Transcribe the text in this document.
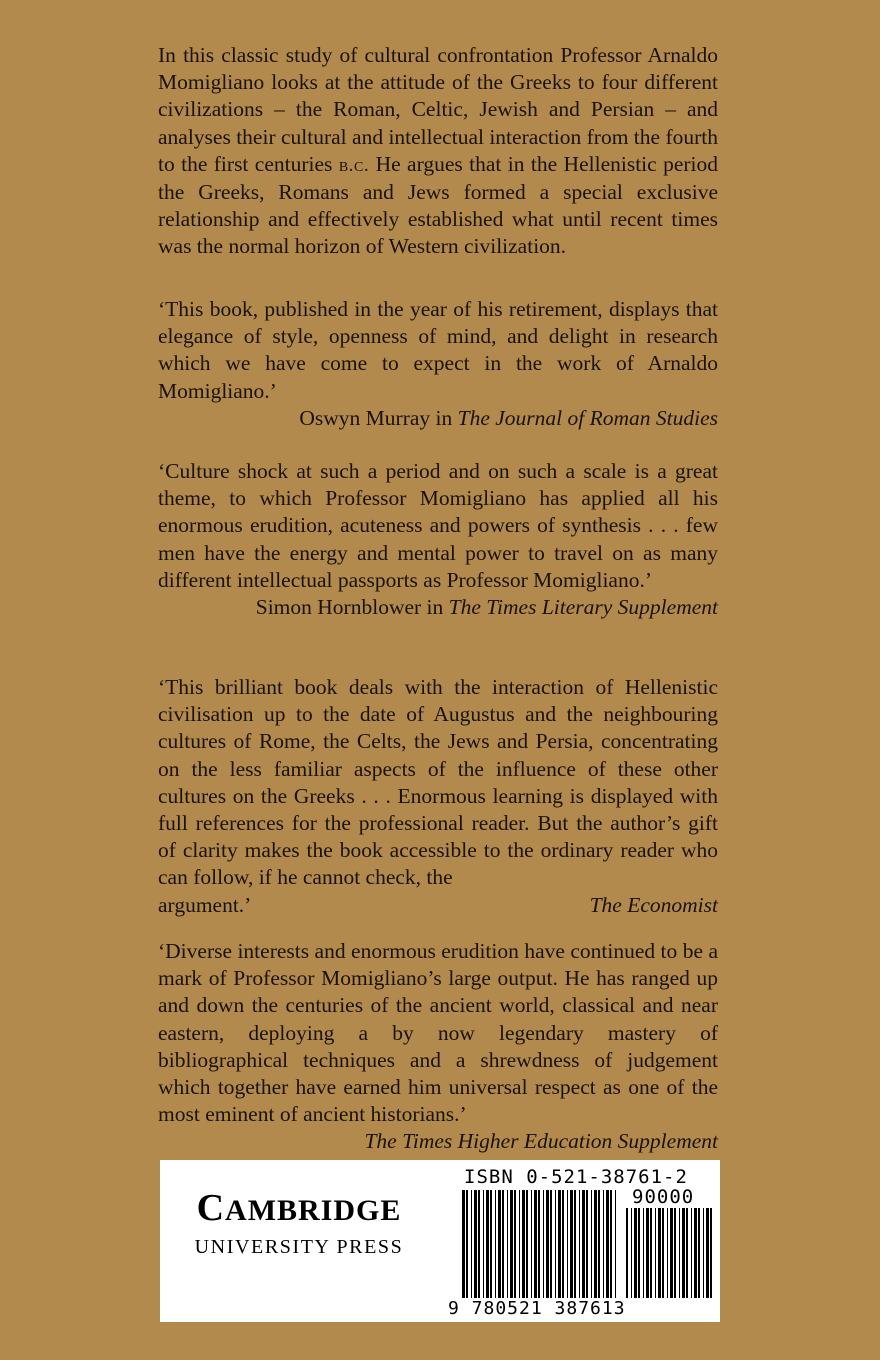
In this classic study of cultural confrontation Professor Arnaldo Momigliano looks at the attitude of the Greeks to four different civilizations – the Roman, Celtic, Jewish and Persian – and analyses their cultural and intellectual interaction from the fourth to the first centuries b.c. He argues that in the Hellenistic period the Greeks, Romans and Jews formed a special exclusive relationship and effectively established what until recent times was the normal horizon of Western civilization.

‘This book, published in the year of his retirement, displays that elegance of style, openness of mind, and delight in research which we have come to expect in the work of Arnaldo Momigliano.’

Oswyn Murray in The Journal of Roman Studies

‘Culture shock at such a period and on such a scale is a great theme, to which Professor Momigliano has applied all his enormous erudition, acuteness and powers of synthesis . . . few men have the energy and mental power to travel on as many different intellectual passports as Professor Momigliano.’

Simon Hornblower in The Times Literary Supplement

‘This brilliant book deals with the interaction of Hellenistic civilisation up to the date of Augustus and the neighbouring cultures of Rome, the Celts, the Jews and Persia, concentrating on the less familiar aspects of the influence of these other cultures on the Greeks . . . Enormous learning is displayed with full references for the professional reader. But the author’s gift of clarity makes the book accessible to the ordinary reader who can follow, if he cannot check, the

argument.’	The Economist

‘Diverse interests and enormous erudition have continued to be a mark of Professor Momigliano’s large output. He has ranged up and down the centuries of the ancient world, classical and near eastern, deploying a by now legendary mastery of bibliographical techniques and a shrewdness of judgement which together have earned him universal respect as one of the most eminent of ancient historians.’

The Times Higher Education Supplement
CAMBRIDGE
UNIVERSITY PRESS
ISBN 0-521-38761-2
90000
9 780521 387613
